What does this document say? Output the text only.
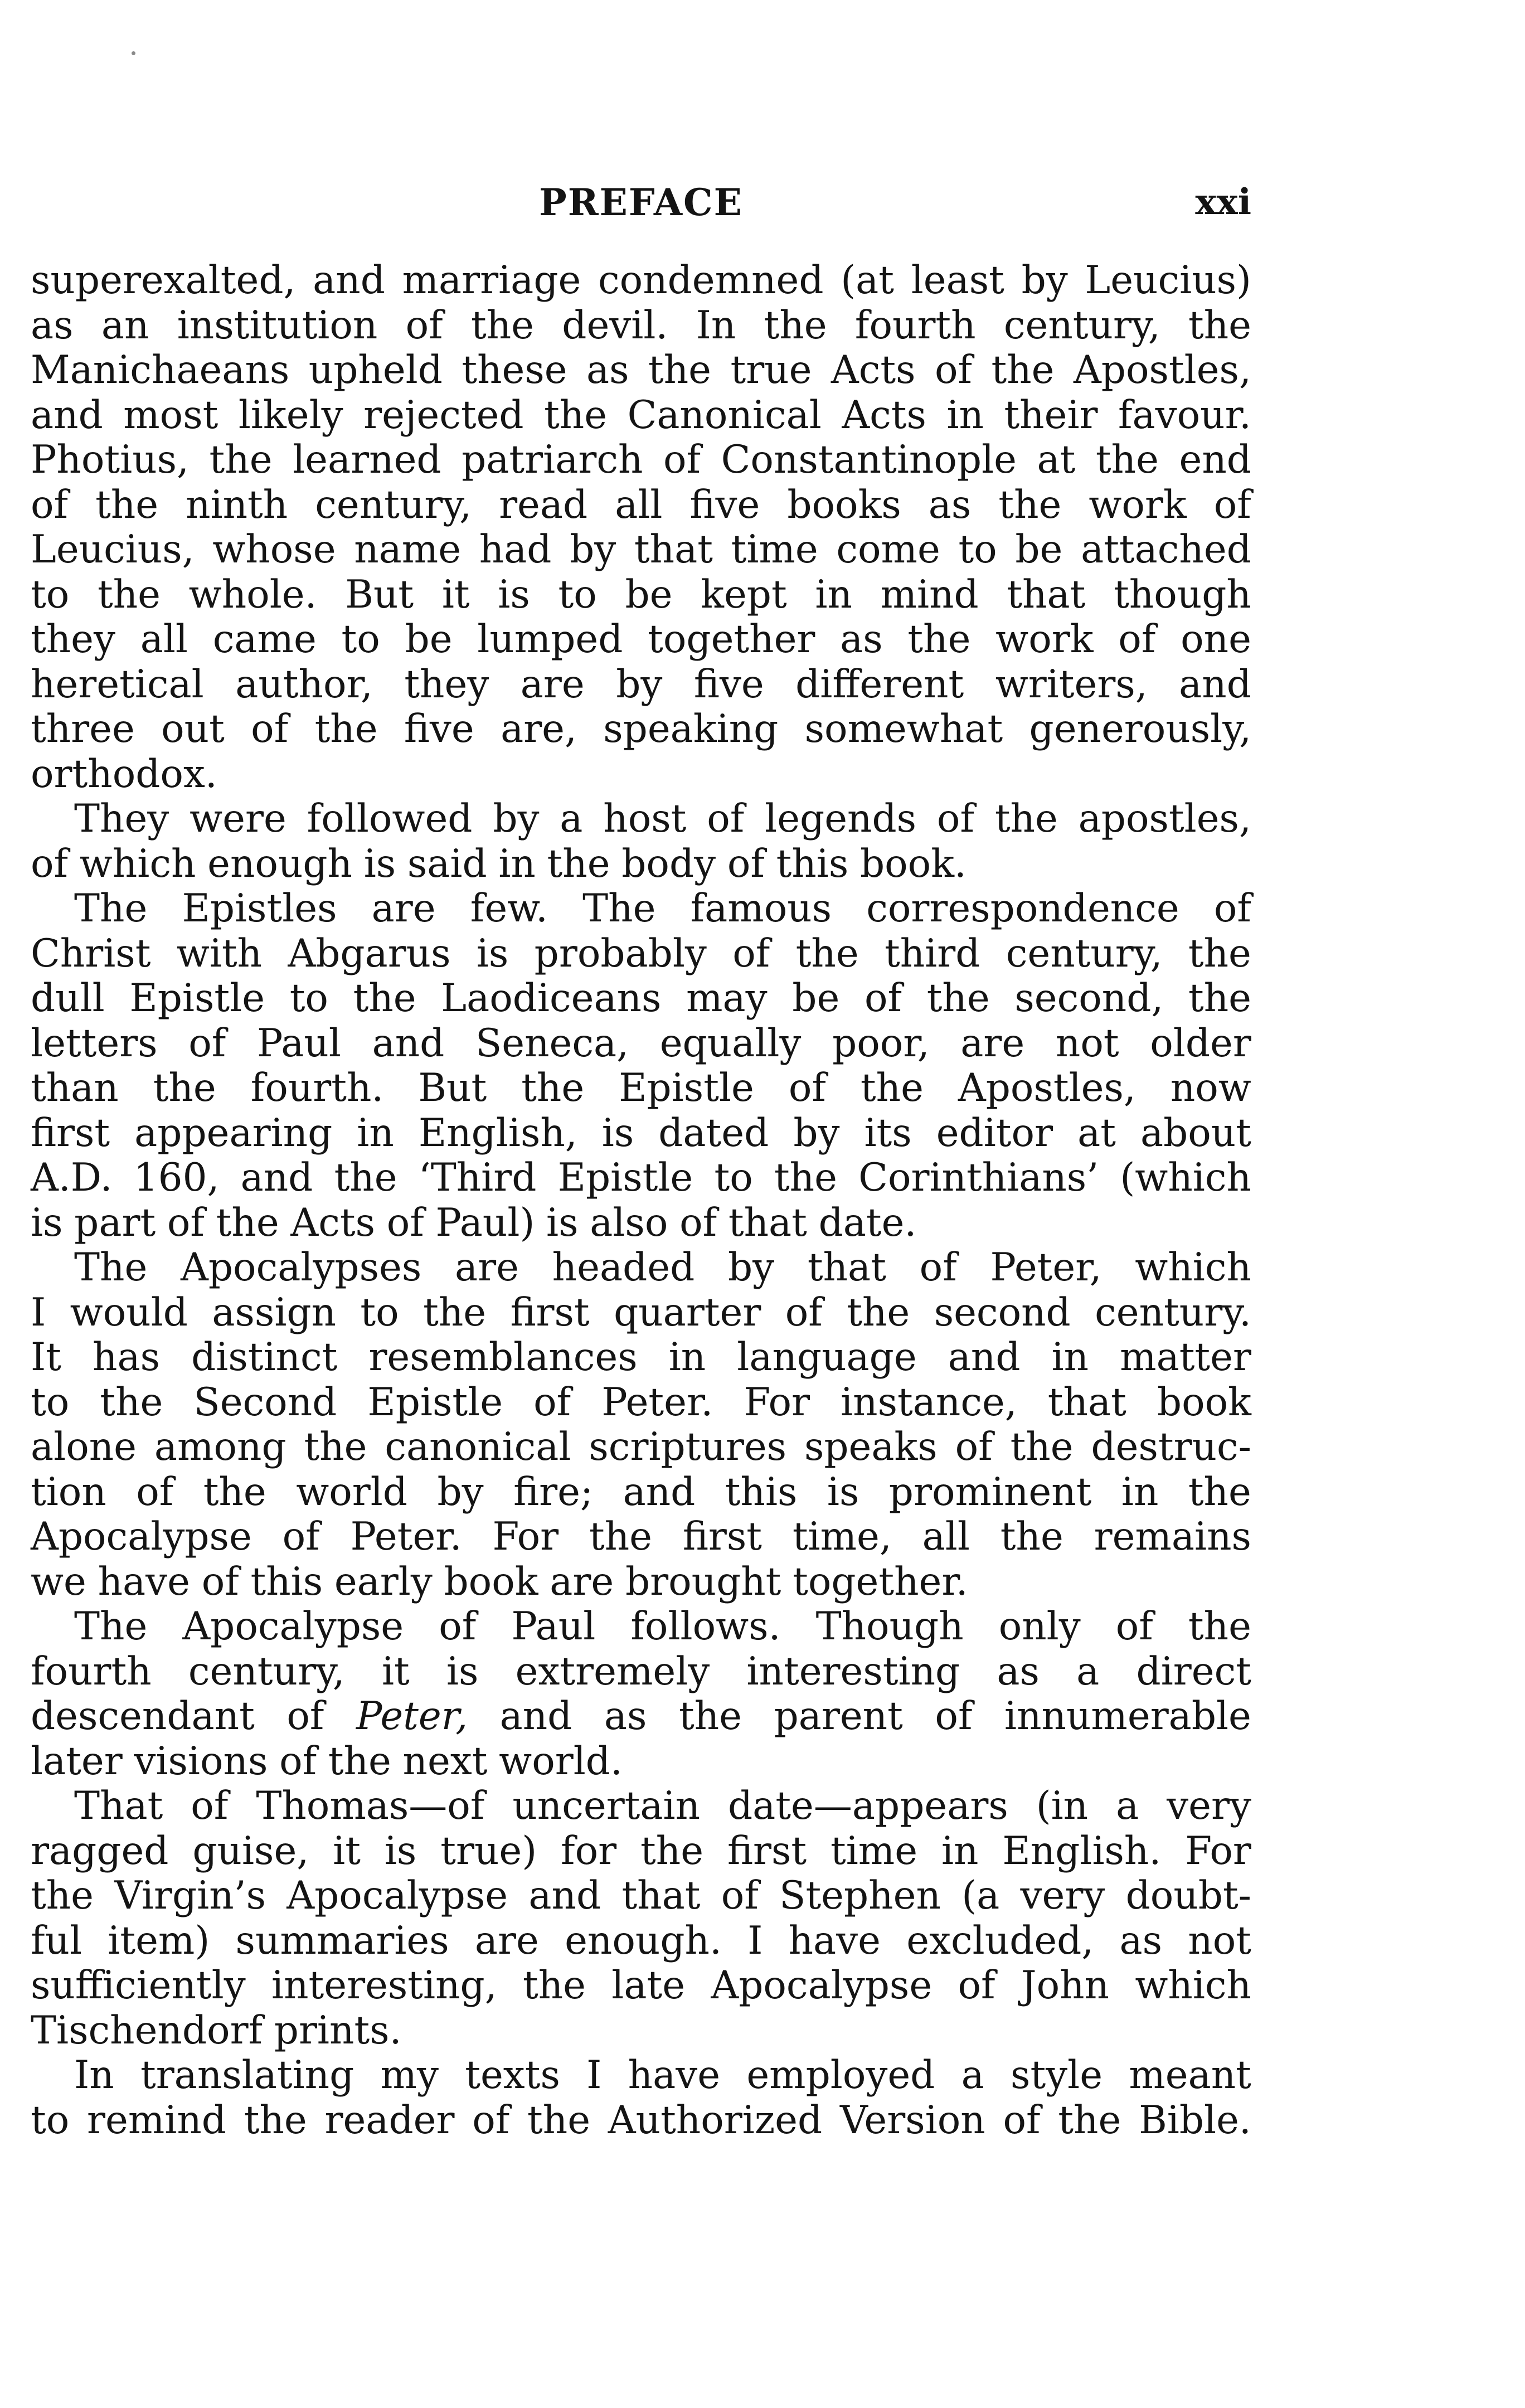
PREFACE	xxi
superexalted, and marriage condemned (at least by Leucius)
as an institution of the devil. In the fourth century, the
Manichaeans upheld these as the true Acts of the Apostles,
and most likely rejected the Canonical Acts in their favour.
Photius, the learned patriarch of Constantinople at the end
of the ninth century, read all five books as the work of
Leucius, whose name had by that time come to be attached
to the whole. But it is to be kept in mind that though
they all came to be lumped together as the work of one
heretical author, they are by five different writers, and
three out of the five are, speaking somewhat generously,
orthodox.
They were followed by a host of legends of the apostles,
of which enough is said in the body of this book.
The Epistles are few. The famous correspondence of
Christ with Abgarus is probably of the third century, the
dull Epistle to the Laodiceans may be of the second, the
letters of Paul and Seneca, equally poor, are not older
than the fourth. But the Epistle of the Apostles, now
first appearing in English, is dated by its editor at about
A.D. 160, and the ‘Third Epistle to the Corinthians’ (which
is part of the Acts of Paul) is also of that date.
The Apocalypses are headed by that of Peter, which
I would assign to the first quarter of the second century.
It has distinct resemblances in language and in matter
to the Second Epistle of Peter. For instance, that book
alone among the canonical scriptures speaks of the destruc-
tion of the world by fire; and this is prominent in the
Apocalypse of Peter. For the first time, all the remains
we have of this early book are brought together.
The Apocalypse of Paul follows. Though only of the
fourth century, it is extremely interesting as a direct
descendant of Peter, and as the parent of innumerable
later visions of the next world.
That of Thomas—of uncertain date—appears (in a very
ragged guise, it is true) for the first time in English. For
the Virgin’s Apocalypse and that of Stephen (a very doubt-
ful item) summaries are enough. I have excluded, as not
sufficiently interesting, the late Apocalypse of John which
Tischendorf prints.
In translating my texts I have employed a style meant
to remind the reader of the Authorized Version of the Bible.
